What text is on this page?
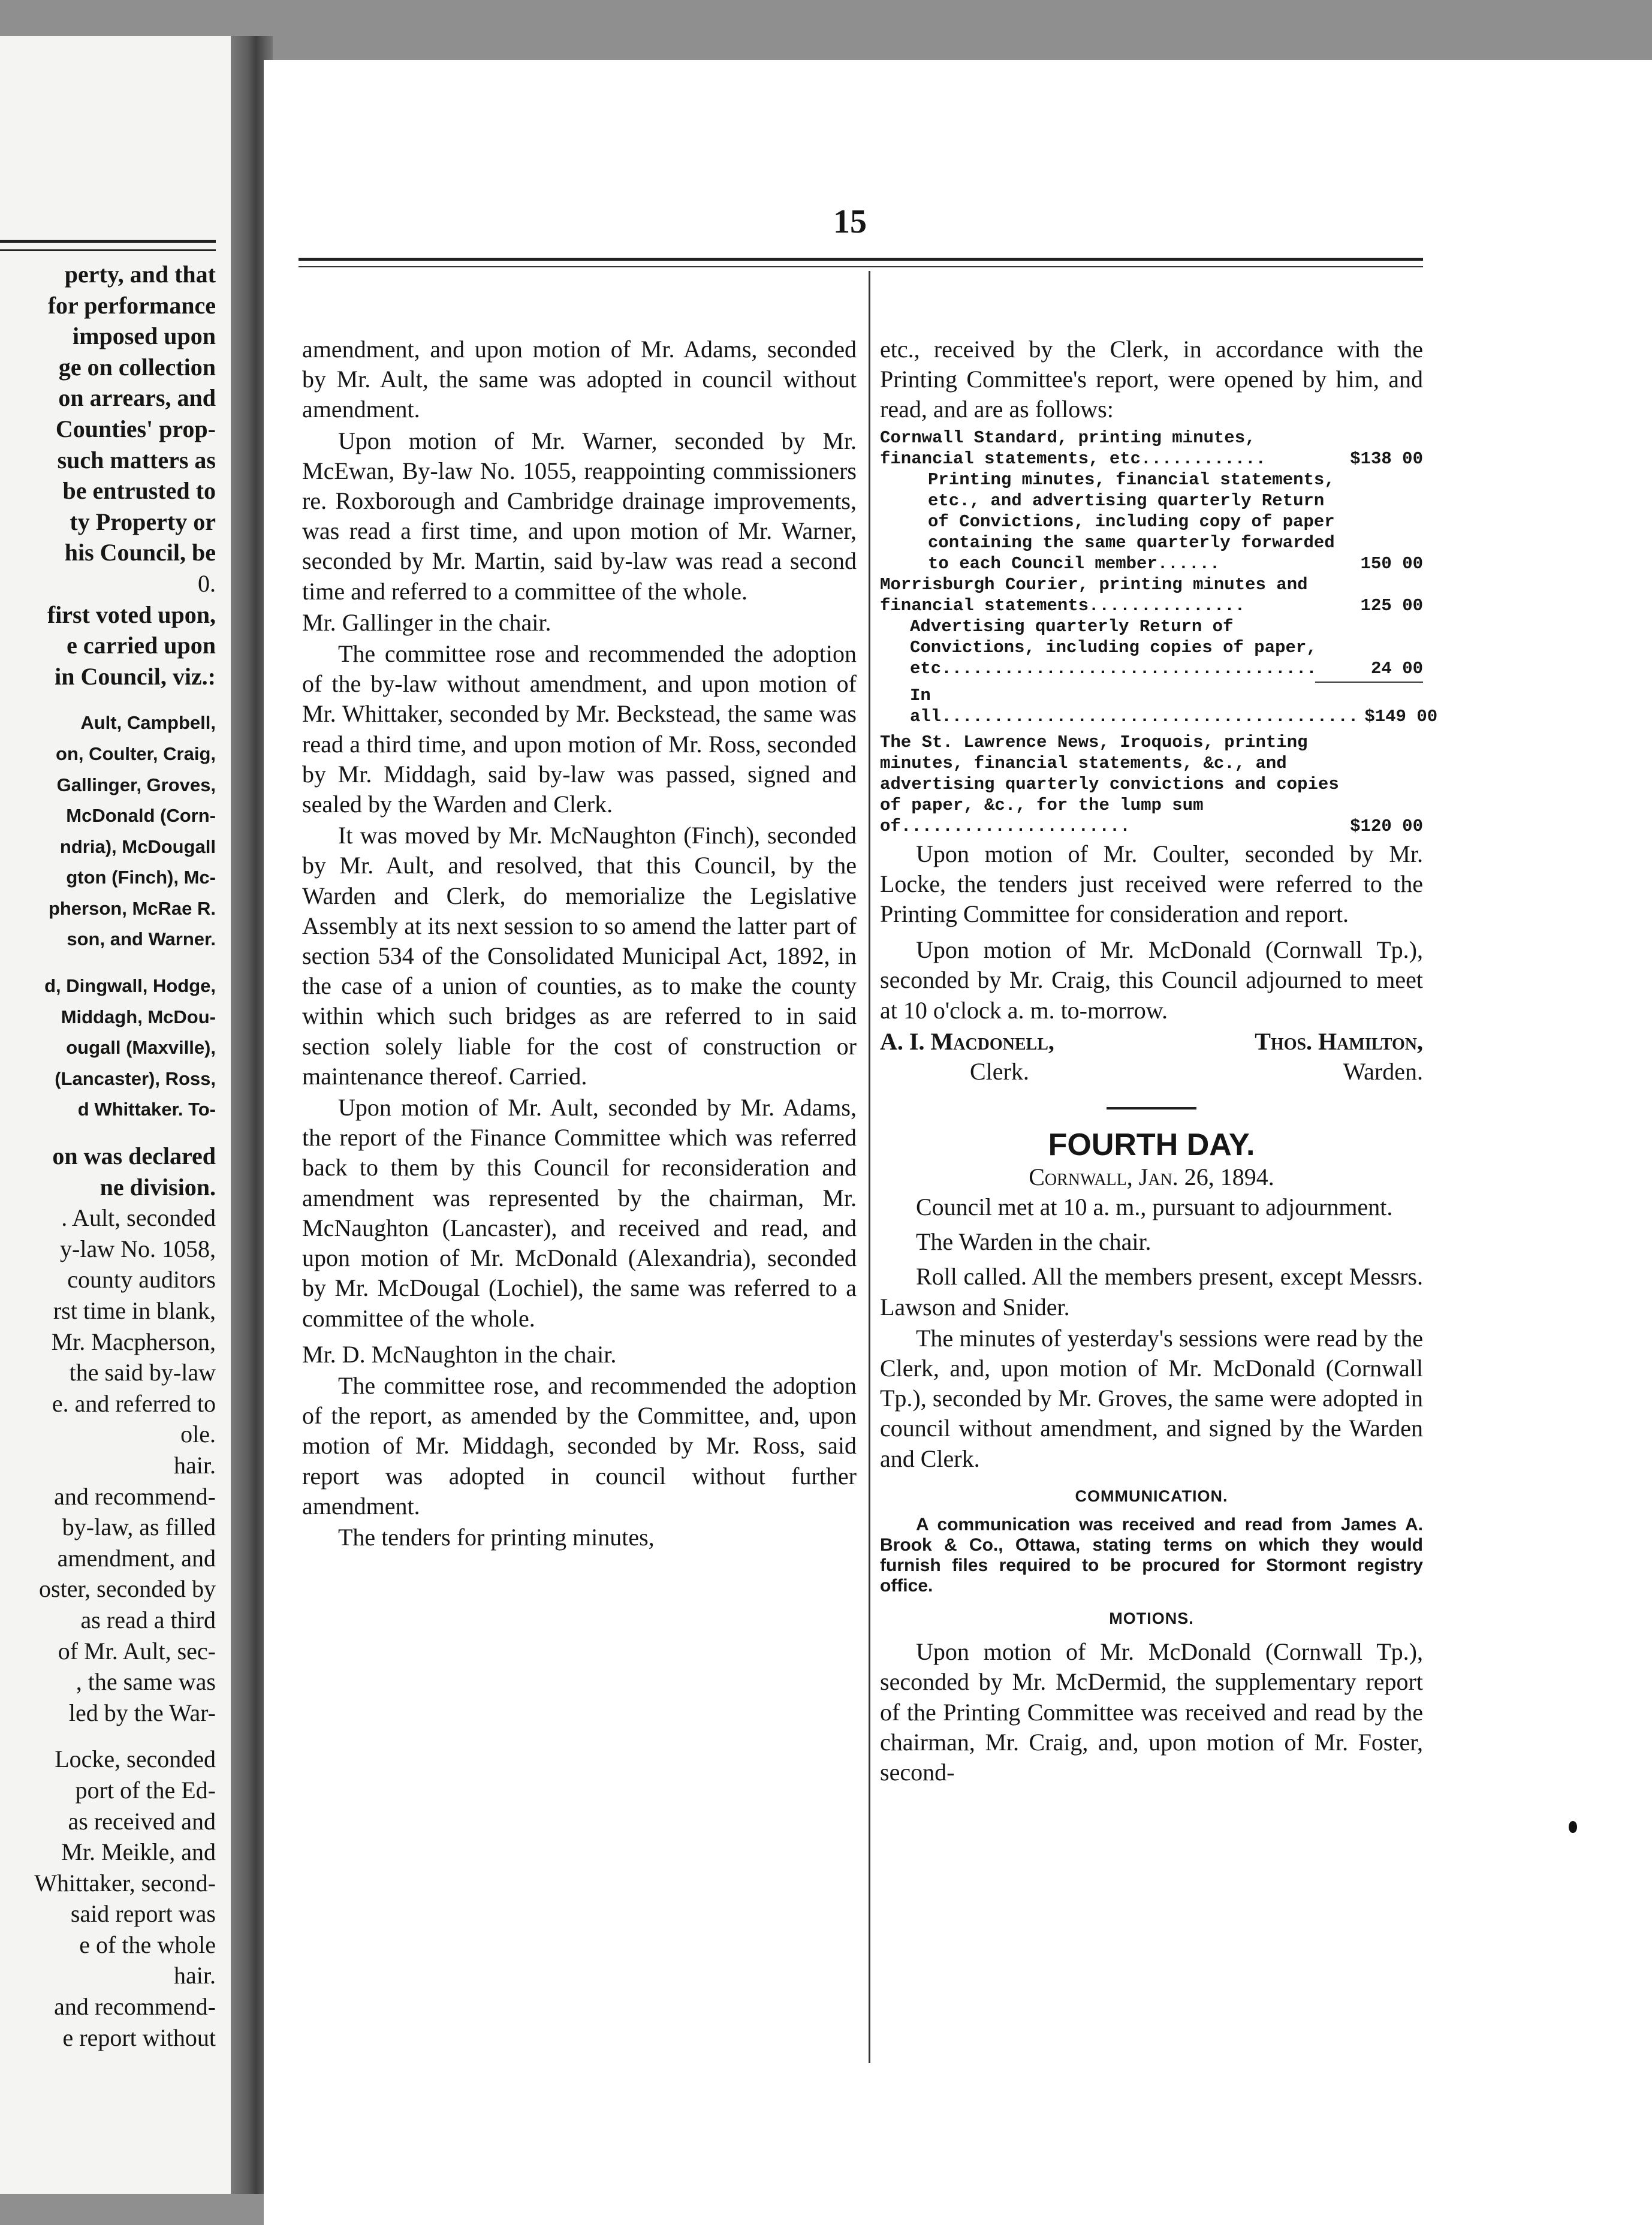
perty, and that
for performance
imposed upon
ge on collection
on arrears, and
Counties' prop-
such matters as
be entrusted to
ty Property or
his Council, be
0.
first voted upon,
e carried upon
in Council, viz.:
Ault, Campbell,
on, Coulter, Craig,
Gallinger, Groves,
McDonald (Corn-
ndria), McDougall
gton (Finch), Mc-
pherson, McRae R.
son, and Warner.
d, Dingwall, Hodge,
Middagh, McDou-
ougall (Maxville),
(Lancaster), Ross,
d Whittaker. To-
on was declared
ne division.
. Ault, seconded
y-law No. 1058,
county auditors
rst time in blank,
Mr. Macpherson,
the said by-law
e. and referred to
ole.
hair.
and recommend-
by-law, as filled
amendment, and
oster, seconded by
as read a third
of Mr. Ault, sec-
, the same was
led by the War-
Locke, seconded
port of the Ed-
as received and
Mr. Meikle, and
Whittaker, second-
said report was
e of the whole
hair.
and recommend-
e report without
15

amendment, and upon motion of Mr. Adams, seconded by Mr. Ault, the same was adopted in council without amendment.

Upon motion of Mr. Warner, seconded by Mr. McEwan, By-law No. 1055, reappointing commissioners re. Roxborough and Cambridge drainage improvements, was read a first time, and upon motion of Mr. Warner, seconded by Mr. Martin, said by-law was read a second time and referred to a committee of the whole.

Mr. Gallinger in the chair.

The committee rose and recommended the adoption of the by-law without amendment, and upon motion of Mr. Whittaker, seconded by Mr. Beckstead, the same was read a third time, and upon motion of Mr. Ross, seconded by Mr. Middagh, said by-law was passed, signed and sealed by the Warden and Clerk.

It was moved by Mr. McNaughton (Finch), seconded by Mr. Ault, and resolved, that this Council, by the Warden and Clerk, do memorialize the Legislative Assembly at its next session to so amend the latter part of section 534 of the Consolidated Municipal Act, 1892, in the case of a union of counties, as to make the county within which such bridges as are referred to in said section solely liable for the cost of construction or maintenance thereof. Carried.

Upon motion of Mr. Ault, seconded by Mr. Adams, the report of the Finance Committee which was referred back to them by this Council for reconsideration and amendment was represented by the chairman, Mr. McNaughton (Lancaster), and received and read, and upon motion of Mr. McDonald (Alexandria), seconded by Mr. McDougal (Lochiel), the same was referred to a committee of the whole.

Mr. D. McNaughton in the chair.

The committee rose, and recommended the adoption of the report, as amended by the Committee, and, upon motion of Mr. Middagh, seconded by Mr. Ross, said report was adopted in council without further amendment.

The tenders for printing minutes,

etc., received by the Clerk, in accordance with the Printing Committee's report, were opened by him, and read, and are as follows:

Cornwall Standard, printing minutes, financial statements, etc............	$138 00
Printing minutes, financial statements, etc., and advertising quarterly Return of Convictions, including copy of paper containing the same quarterly forwarded to each Council member......	150 00
Morrisburgh Courier, printing minutes and financial statements...............	125 00
Advertising quarterly Return of Convictions, including copies of paper, etc....................................	24 00
In all........................................ $149 00
The St. Lawrence News, Iroquois, printing minutes, financial statements, &c., and advertising quarterly convictions and copies of paper, &c., for the lump sum of......................	$120 00

Upon motion of Mr. Coulter, seconded by Mr. Locke, the tenders just received were referred to the Printing Committee for consideration and report.

Upon motion of Mr. McDonald (Cornwall Tp.), seconded by Mr. Craig, this Council adjourned to meet at 10 o'clock a. m. to-morrow.

A. I. Macdonell,
Clerk.
Thos. Hamilton,
Warden.
FOURTH DAY.
Cornwall, Jan. 26, 1894.

Council met at 10 a. m., pursuant to adjournment.

The Warden in the chair.

Roll called. All the members present, except Messrs. Lawson and Snider.

The minutes of yesterday's sessions were read by the Clerk, and, upon motion of Mr. McDonald (Cornwall Tp.), seconded by Mr. Groves, the same were adopted in council without amendment, and signed by the Warden and Clerk.

COMMUNICATION.

A communication was received and read from James A. Brook & Co., Ottawa, stating terms on which they would furnish files required to be procured for Stormont registry office.

MOTIONS.

Upon motion of Mr. McDonald (Cornwall Tp.), seconded by Mr. McDermid, the supplementary report of the Printing Committee was received and read by the chairman, Mr. Craig, and, upon motion of Mr. Foster, second-
